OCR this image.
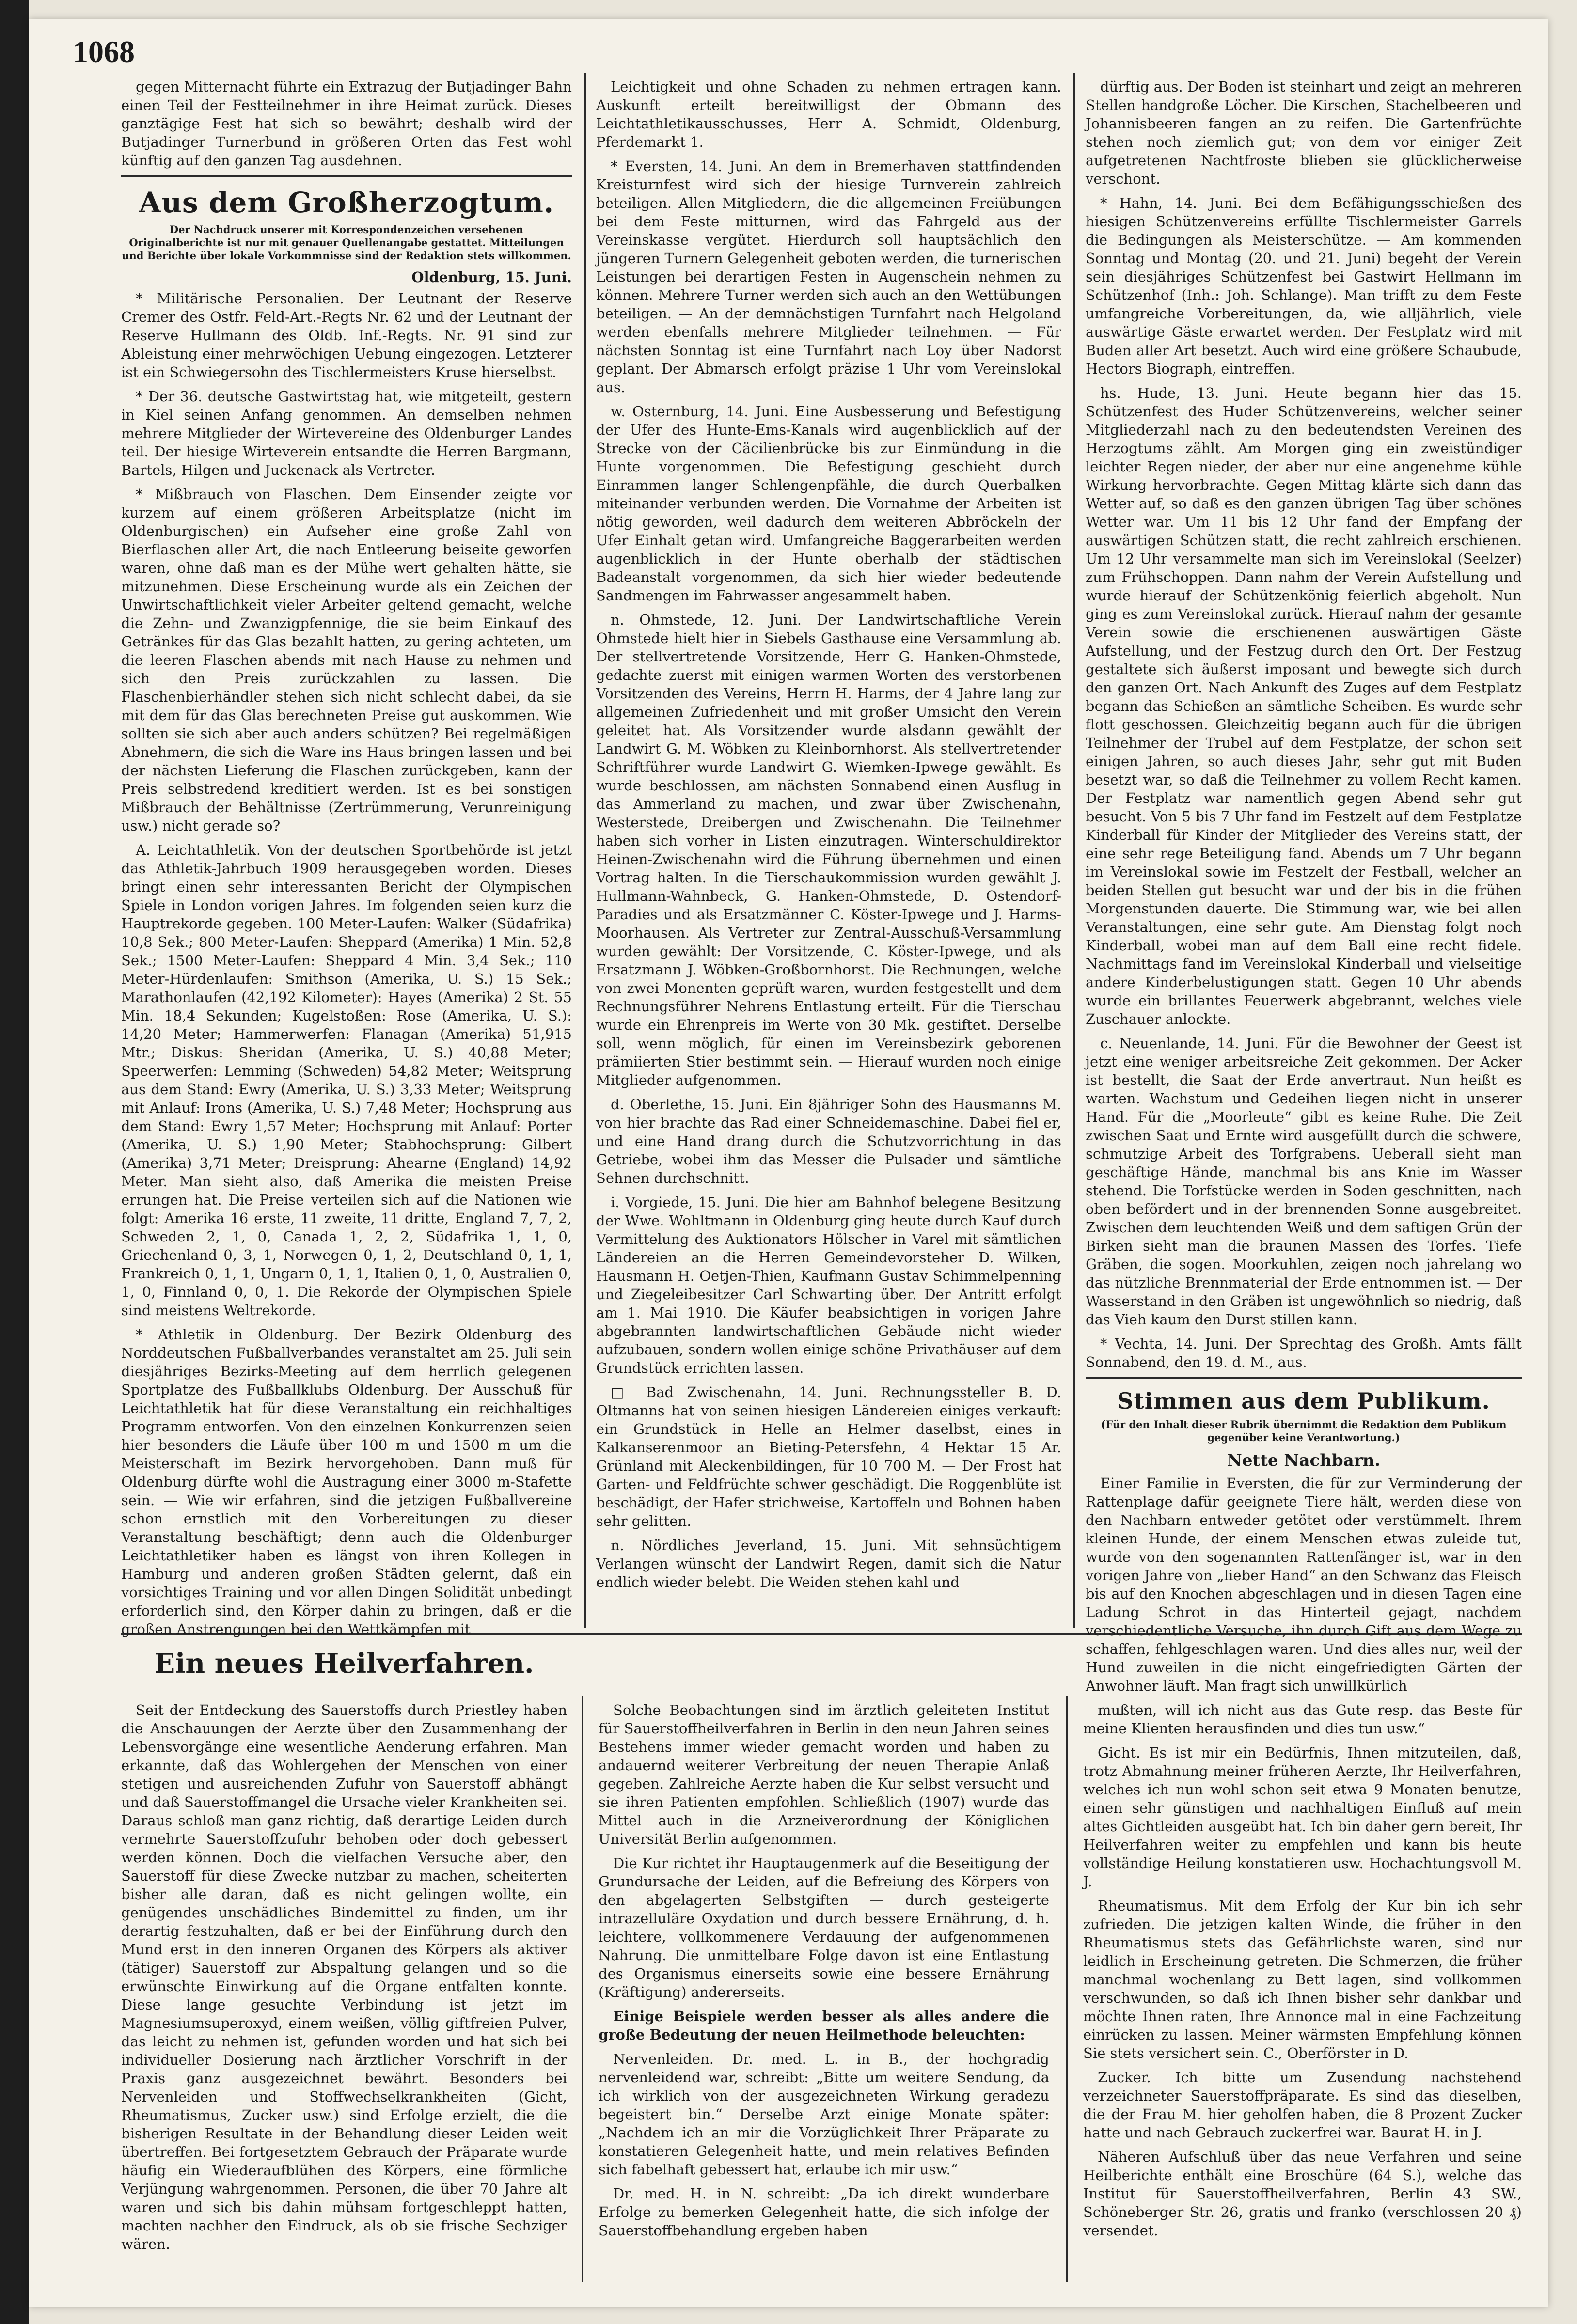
1068
gegen Mitternacht führte ein Extrazug der Butjadinger Bahn einen Teil der Festteilnehmer in ihre Heimat zurück. Dieses ganztägige Fest hat sich so bewährt; deshalb wird der Butjadinger Turnerbund in größeren Orten das Fest wohl künftig auf den ganzen Tag ausdehnen.
Aus dem Großherzogtum.
Der Nachdruck unserer mit Korrespondenzeichen versehenen Originalberichte ist nur mit genauer Quellenangabe gestattet. Mitteilungen und Berichte über lokale Vorkommnisse sind der Redaktion stets willkommen.
Oldenburg, 15. Juni.

* Militärische Personalien. Der Leutnant der Reserve Cremer des Ostfr. Feld-Art.-Regts Nr. 62 und der Leutnant der Reserve Hullmann des Oldb. Inf.-Regts. Nr. 91 sind zur Ableistung einer mehrwöchigen Uebung eingezogen. Letzterer ist ein Schwiegersohn des Tischlermeisters Kruse hierselbst.

* Der 36. deutsche Gastwirtstag hat, wie mitgeteilt, gestern in Kiel seinen Anfang genommen. An demselben nehmen mehrere Mitglieder der Wirtevereine des Oldenburger Landes teil. Der hiesige Wirteverein entsandte die Herren Bargmann, Bartels, Hilgen und Juckenack als Vertreter.

* Mißbrauch von Flaschen. Dem Einsender zeigte vor kurzem auf einem größeren Arbeitsplatze (nicht im Oldenburgischen) ein Aufseher eine große Zahl von Bierflaschen aller Art, die nach Entleerung beiseite geworfen waren, ohne daß man es der Mühe wert gehalten hätte, sie mitzunehmen. Diese Erscheinung wurde als ein Zeichen der Unwirtschaftlichkeit vieler Arbeiter geltend gemacht, welche die Zehn- und Zwanzigpfennige, die sie beim Einkauf des Getränkes für das Glas bezahlt hatten, zu gering achteten, um die leeren Flaschen abends mit nach Hause zu nehmen und sich den Preis zurückzahlen zu lassen. Die Flaschenbierhändler stehen sich nicht schlecht dabei, da sie mit dem für das Glas berechneten Preise gut auskommen. Wie sollten sie sich aber auch anders schützen? Bei regelmäßigen Abnehmern, die sich die Ware ins Haus bringen lassen und bei der nächsten Lieferung die Flaschen zurückgeben, kann der Preis selbstredend kreditiert werden. Ist es bei sonstigen Mißbrauch der Behältnisse (Zertrümmerung, Verunreinigung usw.) nicht gerade so?

A. Leichtathletik. Von der deutschen Sportbehörde ist jetzt das Athletik-Jahrbuch 1909 herausgegeben worden. Dieses bringt einen sehr interessanten Bericht der Olympischen Spiele in London vorigen Jahres. Im folgenden seien kurz die Hauptrekorde gegeben. 100 Meter-Laufen: Walker (Südafrika) 10,8 Sek.; 800 Meter-Laufen: Sheppard (Amerika) 1 Min. 52,8 Sek.; 1500 Meter-Laufen: Sheppard 4 Min. 3,4 Sek.; 110 Meter-Hürdenlaufen: Smithson (Amerika, U. S.) 15 Sek.; Marathonlaufen (42,192 Kilometer): Hayes (Amerika) 2 St. 55 Min. 18,4 Sekunden; Kugelstoßen: Rose (Amerika, U. S.): 14,20 Meter; Hammerwerfen: Flanagan (Amerika) 51,915 Mtr.; Diskus: Sheridan (Amerika, U. S.) 40,88 Meter; Speerwerfen: Lemming (Schweden) 54,82 Meter; Weitsprung aus dem Stand: Ewry (Amerika, U. S.) 3,33 Meter; Weitsprung mit Anlauf: Irons (Amerika, U. S.) 7,48 Meter; Hochsprung aus dem Stand: Ewry 1,57 Meter; Hochsprung mit Anlauf: Porter (Amerika, U. S.) 1,90 Meter; Stabhochsprung: Gilbert (Amerika) 3,71 Meter; Dreisprung: Ahearne (England) 14,92 Meter. Man sieht also, daß Amerika die meisten Preise errungen hat. Die Preise verteilen sich auf die Nationen wie folgt: Amerika 16 erste, 11 zweite, 11 dritte, England 7, 7, 2, Schweden 2, 1, 0, Canada 1, 2, 2, Südafrika 1, 1, 0, Griechenland 0, 3, 1, Norwegen 0, 1, 2, Deutschland 0, 1, 1, Frankreich 0, 1, 1, Ungarn 0, 1, 1, Italien 0, 1, 0, Australien 0, 1, 0, Finnland 0, 0, 1. Die Rekorde der Olympischen Spiele sind meistens Weltrekorde.

* Athletik in Oldenburg. Der Bezirk Oldenburg des Norddeutschen Fußballverbandes veranstaltet am 25. Juli sein diesjähriges Bezirks-Meeting auf dem herrlich gelegenen Sportplatze des Fußballklubs Oldenburg. Der Ausschuß für Leichtathletik hat für diese Veranstaltung ein reichhaltiges Programm entworfen. Von den einzelnen Konkurrenzen seien hier besonders die Läufe über 100 m und 1500 m um die Meisterschaft im Bezirk hervorgehoben. Dann muß für Oldenburg dürfte wohl die Austragung einer 3000 m-Stafette sein. — Wie wir erfahren, sind die jetzigen Fußballvereine schon ernstlich mit den Vorbereitungen zu dieser Veranstaltung beschäftigt; denn auch die Oldenburger Leichtathletiker haben es längst von ihren Kollegen in Hamburg und anderen großen Städten gelernt, daß ein vorsichtiges Training und vor allen Dingen Solidität unbedingt erforderlich sind, den Körper dahin zu bringen, daß er die großen Anstrengungen bei den Wettkämpfen mit

Leichtigkeit und ohne Schaden zu nehmen ertragen kann. Auskunft erteilt bereitwilligst der Obmann des Leichtathletikausschusses, Herr A. Schmidt, Oldenburg, Pferdemarkt 1.

* Eversten, 14. Juni. An dem in Bremerhaven stattfindenden Kreisturnfest wird sich der hiesige Turnverein zahlreich beteiligen. Allen Mitgliedern, die die allgemeinen Freiübungen bei dem Feste mitturnen, wird das Fahrgeld aus der Vereinskasse vergütet. Hierdurch soll hauptsächlich den jüngeren Turnern Gelegenheit geboten werden, die turnerischen Leistungen bei derartigen Festen in Augenschein nehmen zu können. Mehrere Turner werden sich auch an den Wettübungen beteiligen. — An der demnächstigen Turnfahrt nach Helgoland werden ebenfalls mehrere Mitglieder teilnehmen. — Für nächsten Sonntag ist eine Turnfahrt nach Loy über Nadorst geplant. Der Abmarsch erfolgt präzise 1 Uhr vom Vereinslokal aus.

w. Osternburg, 14. Juni. Eine Ausbesserung und Befestigung der Ufer des Hunte-Ems-Kanals wird augenblicklich auf der Strecke von der Cäcilienbrücke bis zur Einmündung in die Hunte vorgenommen. Die Befestigung geschieht durch Einrammen langer Schlengenpfähle, die durch Querbalken miteinander verbunden werden. Die Vornahme der Arbeiten ist nötig geworden, weil dadurch dem weiteren Abbröckeln der Ufer Einhalt getan wird. Umfangreiche Baggerarbeiten werden augenblicklich in der Hunte oberhalb der städtischen Badeanstalt vorgenommen, da sich hier wieder bedeutende Sandmengen im Fahrwasser angesammelt haben.

n. Ohmstede, 12. Juni. Der Landwirtschaftliche Verein Ohmstede hielt hier in Siebels Gasthause eine Versammlung ab. Der stellvertretende Vorsitzende, Herr G. Hanken-Ohmstede, gedachte zuerst mit einigen warmen Worten des verstorbenen Vorsitzenden des Vereins, Herrn H. Harms, der 4 Jahre lang zur allgemeinen Zufriedenheit und mit großer Umsicht den Verein geleitet hat. Als Vorsitzender wurde alsdann gewählt der Landwirt G. M. Wöbken zu Kleinbornhorst. Als stellvertretender Schriftführer wurde Landwirt G. Wiemken-Ipwege gewählt. Es wurde beschlossen, am nächsten Sonnabend einen Ausflug in das Ammerland zu machen, und zwar über Zwischenahn, Westerstede, Dreibergen und Zwischenahn. Die Teilnehmer haben sich vorher in Listen einzutragen. Winterschuldirektor Heinen-Zwischenahn wird die Führung übernehmen und einen Vortrag halten. In die Tierschaukommission wurden gewählt J. Hullmann-Wahnbeck, G. Hanken-Ohmstede, D. Ostendorf-Paradies und als Ersatzmänner C. Köster-Ipwege und J. Harms-Moorhausen. Als Vertreter zur Zentral-Ausschuß-Versammlung wurden gewählt: Der Vorsitzende, C. Köster-Ipwege, und als Ersatzmann J. Wöbken-Großbornhorst. Die Rechnungen, welche von zwei Monenten geprüft waren, wurden festgestellt und dem Rechnungsführer Nehrens Entlastung erteilt. Für die Tierschau wurde ein Ehrenpreis im Werte von 30 Mk. gestiftet. Derselbe soll, wenn möglich, für einen im Vereinsbezirk geborenen prämiierten Stier bestimmt sein. — Hierauf wurden noch einige Mitglieder aufgenommen.

d. Oberlethe, 15. Juni. Ein 8jähriger Sohn des Hausmanns M. von hier brachte das Rad einer Schneidemaschine. Dabei fiel er, und eine Hand drang durch die Schutzvorrichtung in das Getriebe, wobei ihm das Messer die Pulsader und sämtliche Sehnen durchschnitt.

i. Vorgiede, 15. Juni. Die hier am Bahnhof belegene Besitzung der Wwe. Wohltmann in Oldenburg ging heute durch Kauf durch Vermittelung des Auktionators Hölscher in Varel mit sämtlichen Ländereien an die Herren Gemeindevorsteher D. Wilken, Hausmann H. Oetjen-Thien, Kaufmann Gustav Schimmelpenning und Ziegeleibesitzer Carl Schwarting über. Der Antritt erfolgt am 1. Mai 1910. Die Käufer beabsichtigen in vorigen Jahre abgebrannten landwirtschaftlichen Gebäude nicht wieder aufzubauen, sondern wollen einige schöne Privathäuser auf dem Grundstück errichten lassen.

□ Bad Zwischenahn, 14. Juni. Rechnungssteller B. D. Oltmanns hat von seinen hiesigen Ländereien einiges verkauft: ein Grundstück in Helle an Helmer daselbst, eines in Kalkanserenmoor an Bieting-Petersfehn, 4 Hektar 15 Ar. Grünland mit Aleckenbildingen, für 10 700 M. — Der Frost hat Garten- und Feldfrüchte schwer geschädigt. Die Roggenblüte ist beschädigt, der Hafer strichweise, Kartoffeln und Bohnen haben sehr gelitten.

n. Nördliches Jeverland, 15. Juni. Mit sehnsüchtigem Verlangen wünscht der Landwirt Regen, damit sich die Natur endlich wieder belebt. Die Weiden stehen kahl und

dürftig aus. Der Boden ist steinhart und zeigt an mehreren Stellen handgroße Löcher. Die Kirschen, Stachelbeeren und Johannisbeeren fangen an zu reifen. Die Gartenfrüchte stehen noch ziemlich gut; von dem vor einiger Zeit aufgetretenen Nachtfroste blieben sie glücklicherweise verschont.

* Hahn, 14. Juni. Bei dem Befähigungsschießen des hiesigen Schützenvereins erfüllte Tischlermeister Garrels die Bedingungen als Meisterschütze. — Am kommenden Sonntag und Montag (20. und 21. Juni) begeht der Verein sein diesjähriges Schützenfest bei Gastwirt Hellmann im Schützenhof (Inh.: Joh. Schlange). Man trifft zu dem Feste umfangreiche Vorbereitungen, da, wie alljährlich, viele auswärtige Gäste erwartet werden. Der Festplatz wird mit Buden aller Art besetzt. Auch wird eine größere Schaubude, Hectors Biograph, eintreffen.

hs. Hude, 13. Juni. Heute begann hier das 15. Schützenfest des Huder Schützenvereins, welcher seiner Mitgliederzahl nach zu den bedeutendsten Vereinen des Herzogtums zählt. Am Morgen ging ein zweistündiger leichter Regen nieder, der aber nur eine angenehme kühle Wirkung hervorbrachte. Gegen Mittag klärte sich dann das Wetter auf, so daß es den ganzen übrigen Tag über schönes Wetter war. Um 11 bis 12 Uhr fand der Empfang der auswärtigen Schützen statt, die recht zahlreich erschienen. Um 12 Uhr versammelte man sich im Vereinslokal (Seelzer) zum Frühschoppen. Dann nahm der Verein Aufstellung und wurde hierauf der Schützenkönig feierlich abgeholt. Nun ging es zum Vereinslokal zurück. Hierauf nahm der gesamte Verein sowie die erschienenen auswärtigen Gäste Aufstellung, und der Festzug durch den Ort. Der Festzug gestaltete sich äußerst imposant und bewegte sich durch den ganzen Ort. Nach Ankunft des Zuges auf dem Festplatz begann das Schießen an sämtliche Scheiben. Es wurde sehr flott geschossen. Gleichzeitig begann auch für die übrigen Teilnehmer der Trubel auf dem Festplatze, der schon seit einigen Jahren, so auch dieses Jahr, sehr gut mit Buden besetzt war, so daß die Teilnehmer zu vollem Recht kamen. Der Festplatz war namentlich gegen Abend sehr gut besucht. Von 5 bis 7 Uhr fand im Festzelt auf dem Festplatze Kinderball für Kinder der Mitglieder des Vereins statt, der eine sehr rege Beteiligung fand. Abends um 7 Uhr begann im Vereinslokal sowie im Festzelt der Festball, welcher an beiden Stellen gut besucht war und der bis in die frühen Morgenstunden dauerte. Die Stimmung war, wie bei allen Veranstaltungen, eine sehr gute. Am Dienstag folgt noch Kinderball, wobei man auf dem Ball eine recht fidele. Nachmittags fand im Vereinslokal Kinderball und vielseitige andere Kinderbelustigungen statt. Gegen 10 Uhr abends wurde ein brillantes Feuerwerk abgebrannt, welches viele Zuschauer anlockte.

c. Neuenlande, 14. Juni. Für die Bewohner der Geest ist jetzt eine weniger arbeitsreiche Zeit gekommen. Der Acker ist bestellt, die Saat der Erde anvertraut. Nun heißt es warten. Wachstum und Gedeihen liegen nicht in unserer Hand. Für die „Moorleute“ gibt es keine Ruhe. Die Zeit zwischen Saat und Ernte wird ausgefüllt durch die schwere, schmutzige Arbeit des Torfgrabens. Ueberall sieht man geschäftige Hände, manchmal bis ans Knie im Wasser stehend. Die Torfstücke werden in Soden geschnitten, nach oben befördert und in der brennenden Sonne ausgebreitet. Zwischen dem leuchtenden Weiß und dem saftigen Grün der Birken sieht man die braunen Massen des Torfes. Tiefe Gräben, die sogen. Moorkuhlen, zeigen noch jahrelang wo das nützliche Brennmaterial der Erde entnommen ist. — Der Wasserstand in den Gräben ist ungewöhnlich so niedrig, daß das Vieh kaum den Durst stillen kann.

* Vechta, 14. Juni. Der Sprechtag des Großh. Amts fällt Sonnabend, den 19. d. M., aus.

Stimmen aus dem Publikum.
(Für den Inhalt dieser Rubrik übernimmt die Redaktion dem Publikum gegenüber keine Verantwortung.)
Nette Nachbarn.

Einer Familie in Eversten, die für zur Verminderung der Rattenplage dafür geeignete Tiere hält, werden diese von den Nachbarn entweder getötet oder verstümmelt. Ihrem kleinen Hunde, der einem Menschen etwas zuleide tut, wurde von den sogenannten Rattenfänger ist, war in den vorigen Jahre von „lieber Hand“ an den Schwanz das Fleisch bis auf den Knochen abgeschlagen und in diesen Tagen eine Ladung Schrot in das Hinterteil gejagt, nachdem verschiedentliche Versuche, ihn durch Gift aus dem Wege zu schaffen, fehlgeschlagen waren. Und dies alles nur, weil der Hund zuweilen in die nicht eingefriedigten Gärten der Anwohner läuft. Man fragt sich unwillkürlich

Ein neues Heilverfahren.

Seit der Entdeckung des Sauerstoffs durch Priestley haben die Anschauungen der Aerzte über den Zusammenhang der Lebensvorgänge eine wesentliche Aenderung erfahren. Man erkannte, daß das Wohlergehen der Menschen von einer stetigen und ausreichenden Zufuhr von Sauerstoff abhängt und daß Sauerstoffmangel die Ursache vieler Krankheiten sei. Daraus schloß man ganz richtig, daß derartige Leiden durch vermehrte Sauerstoffzufuhr behoben oder doch gebessert werden können. Doch die vielfachen Versuche aber, den Sauerstoff für diese Zwecke nutzbar zu machen, scheiterten bisher alle daran, daß es nicht gelingen wollte, ein genügendes unschädliches Bindemittel zu finden, um ihr derartig festzuhalten, daß er bei der Einführung durch den Mund erst in den inneren Organen des Körpers als aktiver (tätiger) Sauerstoff zur Abspaltung gelangen und so die erwünschte Einwirkung auf die Organe entfalten konnte. Diese lange gesuchte Verbindung ist jetzt im Magnesiumsuperoxyd, einem weißen, völlig giftfreien Pulver, das leicht zu nehmen ist, gefunden worden und hat sich bei individueller Dosierung nach ärztlicher Vorschrift in der Praxis ganz ausgezeichnet bewährt. Besonders bei Nervenleiden und Stoffwechselkrankheiten (Gicht, Rheumatismus, Zucker usw.) sind Erfolge erzielt, die die bisherigen Resultate in der Behandlung dieser Leiden weit übertreffen. Bei fortgesetztem Gebrauch der Präparate wurde häufig ein Wiederaufblühen des Körpers, eine förmliche Verjüngung wahrgenommen. Personen, die über 70 Jahre alt waren und sich bis dahin mühsam fortgeschleppt hatten, machten nachher den Eindruck, als ob sie frische Sechziger wären.

Solche Beobachtungen sind im ärztlich geleiteten Institut für Sauerstoffheilverfahren in Berlin in den neun Jahren seines Bestehens immer wieder gemacht worden und haben zu andauernd weiterer Verbreitung der neuen Therapie Anlaß gegeben. Zahlreiche Aerzte haben die Kur selbst versucht und sie ihren Patienten empfohlen. Schließlich (1907) wurde das Mittel auch in die Arzneiverordnung der Königlichen Universität Berlin aufgenommen.

Die Kur richtet ihr Hauptaugenmerk auf die Beseitigung der Grundursache der Leiden, auf die Befreiung des Körpers von den abgelagerten Selbstgiften — durch gesteigerte intrazelluläre Oxydation und durch bessere Ernährung, d. h. leichtere, vollkommenere Verdauung der aufgenommenen Nahrung. Die unmittelbare Folge davon ist eine Entlastung des Organismus einerseits sowie eine bessere Ernährung (Kräftigung) andererseits.

Einige Beispiele werden besser als alles andere die große Bedeutung der neuen Heilmethode beleuchten:

Nervenleiden. Dr. med. L. in B., der hochgradig nervenleidend war, schreibt: „Bitte um weitere Sendung, da ich wirklich von der ausgezeichneten Wirkung geradezu begeistert bin.“ Derselbe Arzt einige Monate später: „Nachdem ich an mir die Vorzüglichkeit Ihrer Präparate zu konstatieren Gelegenheit hatte, und mein relatives Befinden sich fabelhaft gebessert hat, erlaube ich mir usw.“

Dr. med. H. in N. schreibt: „Da ich direkt wunderbare Erfolge zu bemerken Gelegenheit hatte, die sich infolge der Sauerstoffbehandlung ergeben haben

mußten, will ich nicht aus das Gute resp. das Beste für meine Klienten herausfinden und dies tun usw.“

Gicht. Es ist mir ein Bedürfnis, Ihnen mitzuteilen, daß, trotz Abmahnung meiner früheren Aerzte, Ihr Heilverfahren, welches ich nun wohl schon seit etwa 9 Monaten benutze, einen sehr günstigen und nachhaltigen Einfluß auf mein altes Gichtleiden ausgeübt hat. Ich bin daher gern bereit, Ihr Heilverfahren weiter zu empfehlen und kann bis heute vollständige Heilung konstatieren usw. Hochachtungsvoll M. J.

Rheumatismus. Mit dem Erfolg der Kur bin ich sehr zufrieden. Die jetzigen kalten Winde, die früher in den Rheumatismus stets das Gefährlichste waren, sind nur leidlich in Erscheinung getreten. Die Schmerzen, die früher manchmal wochenlang zu Bett lagen, sind vollkommen verschwunden, so daß ich Ihnen bisher sehr dankbar und möchte Ihnen raten, Ihre Annonce mal in eine Fachzeitung einrücken zu lassen. Meiner wärmsten Empfehlung können Sie stets versichert sein. C., Oberförster in D.

Zucker. Ich bitte um Zusendung nachstehend verzeichneter Sauerstoffpräparate. Es sind das dieselben, die der Frau M. hier geholfen haben, die 8 Prozent Zucker hatte und nach Gebrauch zuckerfrei war. Baurat H. in J.

Näheren Aufschluß über das neue Verfahren und seine Heilberichte enthält eine Broschüre (64 S.), welche das Institut für Sauerstoffheilverfahren, Berlin 43 SW., Schöneberger Str. 26, gratis und franko (verschlossen 20 ₰) versendet.
